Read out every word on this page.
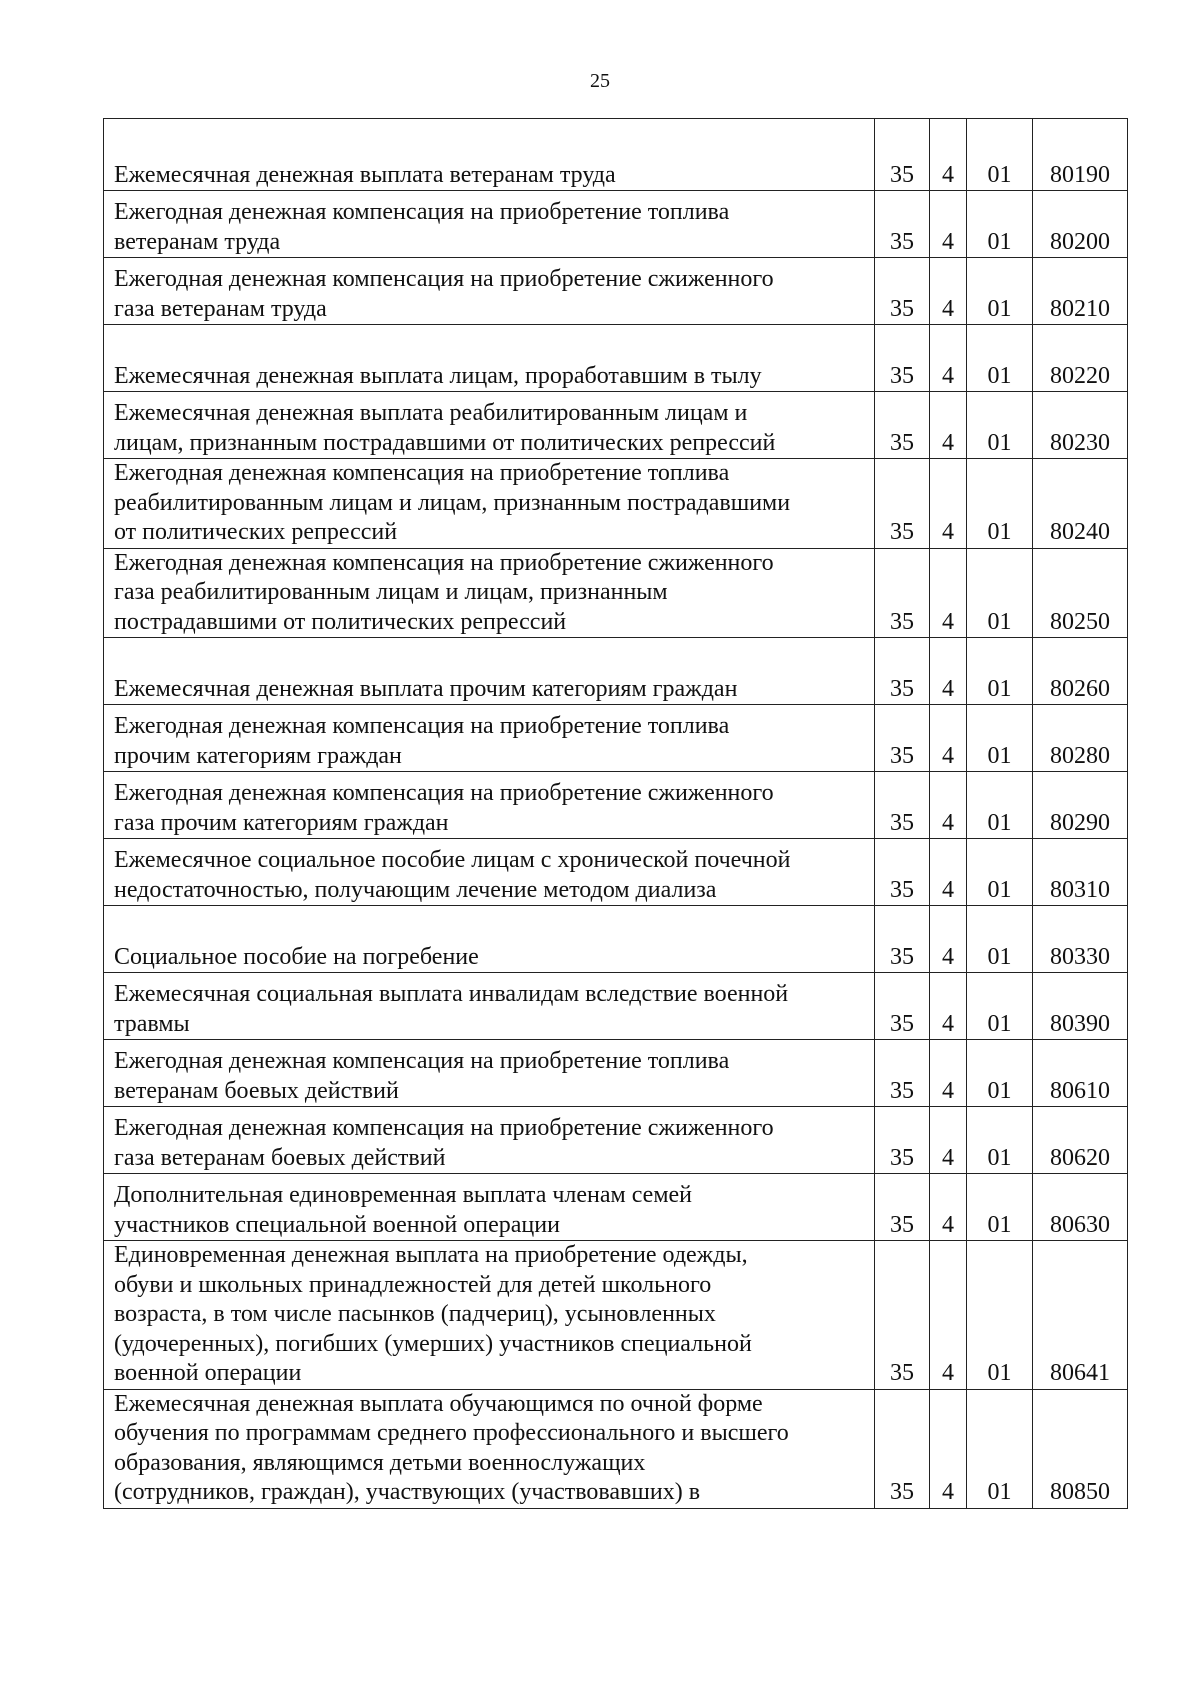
25
Ежемесячная денежная выплата ветеранам труда	35	4	01	80190

Ежегодная денежная компенсация на приобретение топлива
ветеранам труда	35	4	01	80200

Ежегодная денежная компенсация на приобретение сжиженного
газа ветеранам труда	35	4	01	80210

Ежемесячная денежная выплата лицам, проработавшим в тылу	35	4	01	80220

Ежемесячная денежная выплата реабилитированным лицам и
лицам, признанным пострадавшими от политических репрессий	35	4	01	80230

Ежегодная денежная компенсация на приобретение топлива
реабилитированным лицам и лицам, признанным пострадавшими
от политических репрессий	35	4	01	80240

Ежегодная денежная компенсация на приобретение сжиженного
газа реабилитированным лицам и лицам, признанным
пострадавшими от политических репрессий	35	4	01	80250

Ежемесячная денежная выплата прочим категориям граждан	35	4	01	80260

Ежегодная денежная компенсация на приобретение топлива
прочим категориям граждан	35	4	01	80280

Ежегодная денежная компенсация на приобретение сжиженного
газа прочим категориям граждан	35	4	01	80290

Ежемесячное социальное пособие лицам с хронической почечной
недостаточностью, получающим лечение методом диализа	35	4	01	80310

Социальное пособие на погребение	35	4	01	80330

Ежемесячная социальная выплата инвалидам вследствие военной
травмы	35	4	01	80390

Ежегодная денежная компенсация на приобретение топлива
ветеранам боевых действий	35	4	01	80610

Ежегодная денежная компенсация на приобретение сжиженного
газа ветеранам боевых действий	35	4	01	80620

Дополнительная единовременная выплата членам семей
участников специальной военной операции	35	4	01	80630

Единовременная денежная выплата на приобретение одежды,
обуви и школьных принадлежностей для детей школьного
возраста, в том числе пасынков (падчериц), усыновленных
(удочеренных), погибших (умерших) участников специальной
военной операции	35	4	01	80641

Ежемесячная денежная выплата обучающимся по очной форме
обучения по программам среднего профессионального и высшего
образования, являющимся детьми военнослужащих
(сотрудников, граждан), участвующих (участвовавших) в	35	4	01	80850
